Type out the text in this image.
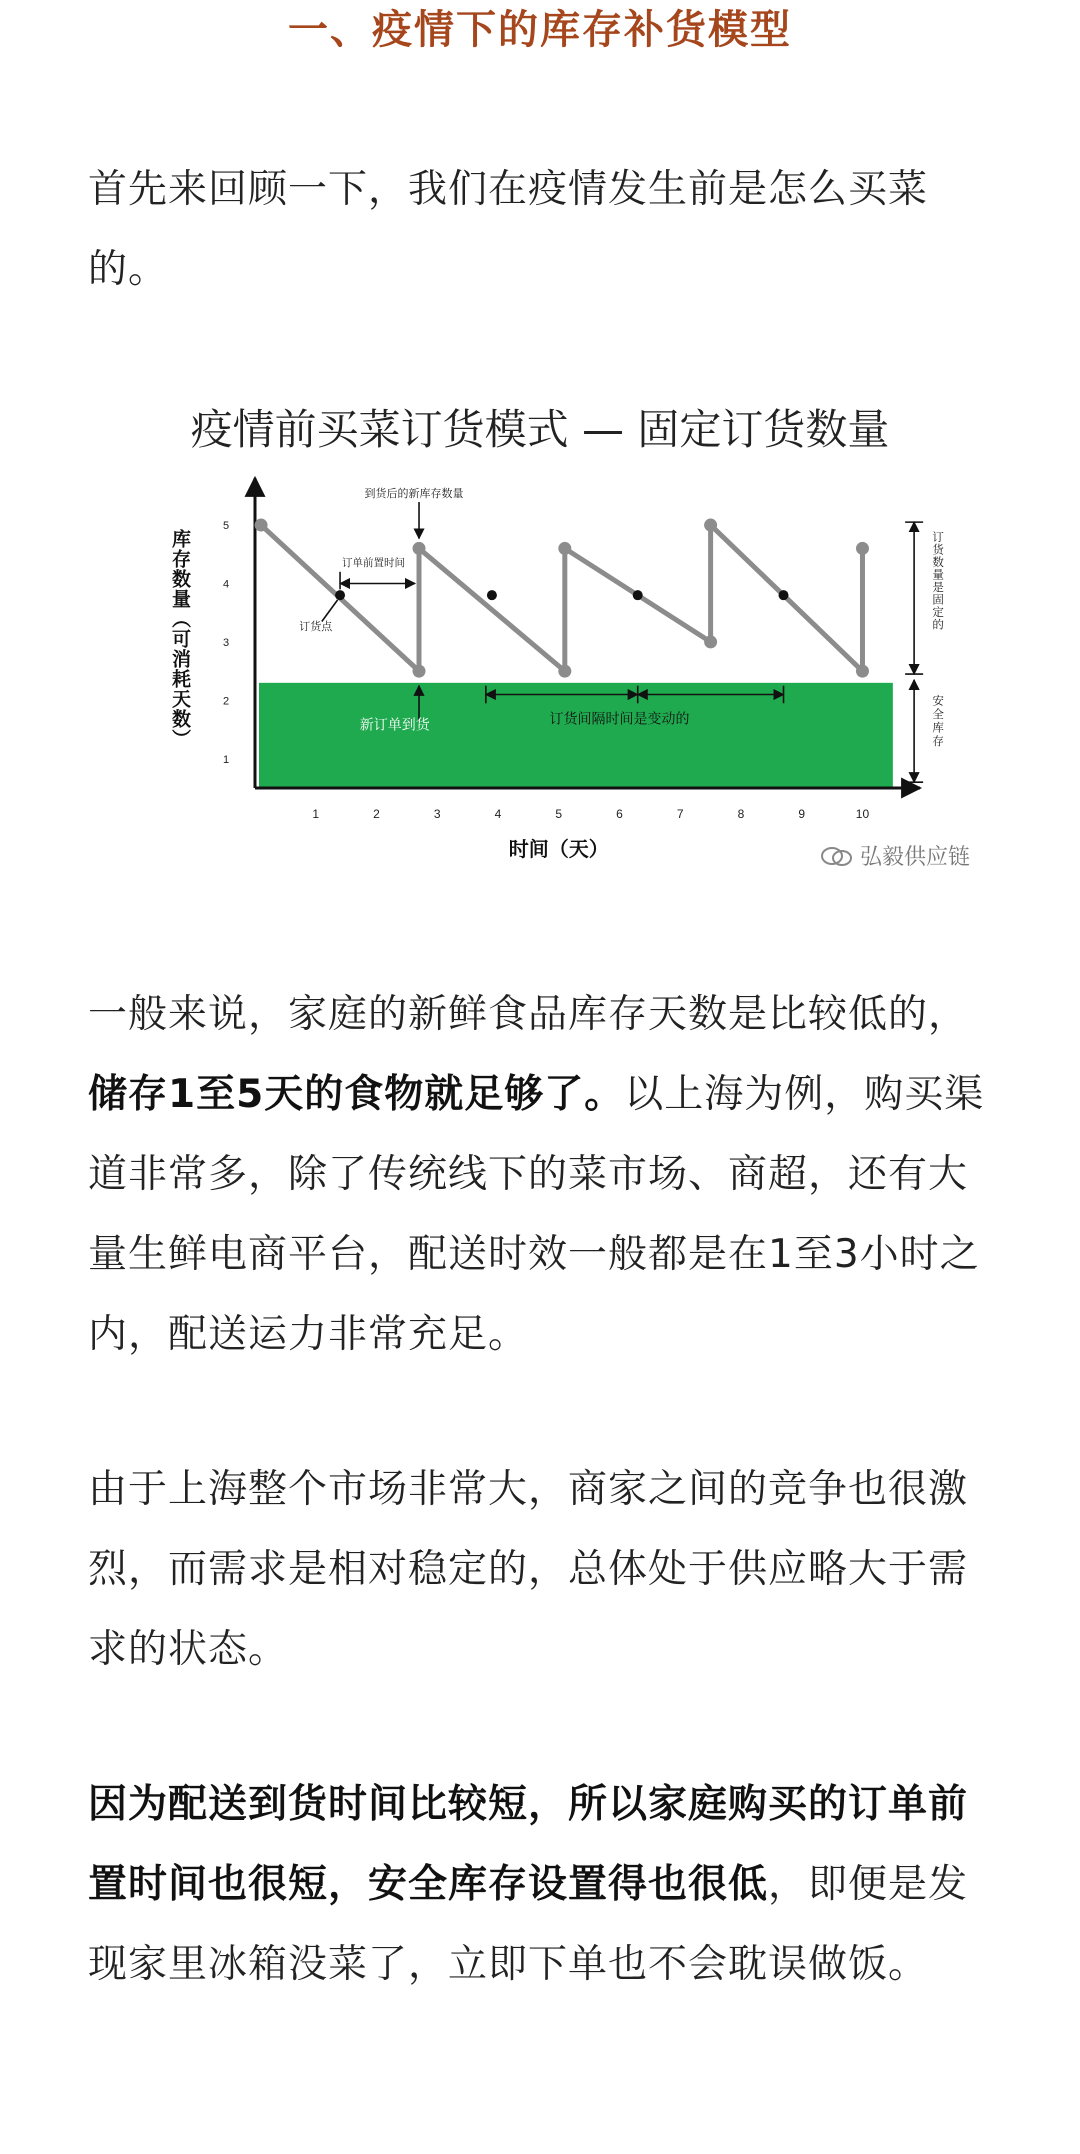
一、疫情下的库存补货模型

首先来回顾一下，我们在疫情发生前是怎么买菜的。

疫情前买菜订货模式 — 固定订货数量
1
2
3
4
5
1	2	3	4	5	6	7	8	9	10
时间（天）
库存数量（可消耗天数）
到货后的新库存数量
订单前置时间
订货点
新订单到货	订货间隔时间是变动的
订货数量是固定的
安全库存
弘毅供应链

一般来说，家庭的新鲜食品库存天数是比较低的，储存1至5天的食物就足够了。以上海为例，购买渠道非常多，除了传统线下的菜市场、商超，还有大量生鲜电商平台，配送时效一般都是在1至3小时之内，配送运力非常充足。

由于上海整个市场非常大，商家之间的竞争也很激烈，而需求是相对稳定的，总体处于供应略大于需求的状态。

因为配送到货时间比较短，所以家庭购买的订单前置时间也很短，安全库存设置得也很低，即便是发现家里冰箱没菜了，立即下单也不会耽误做饭。
